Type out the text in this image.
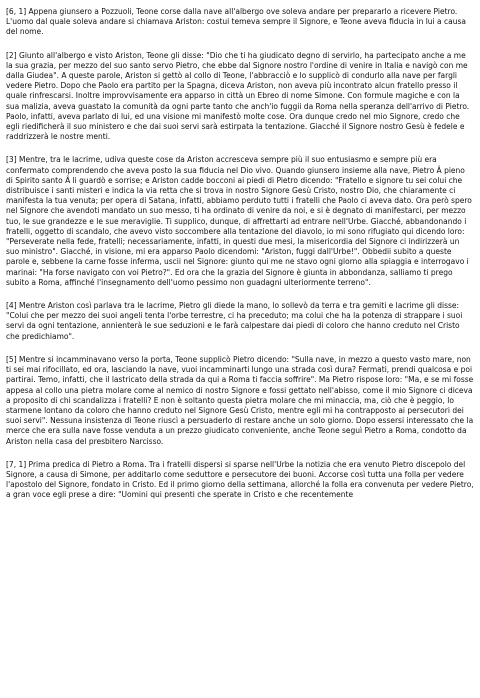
[6, 1] Appena giunsero a Pozzuoli, Teone corse dalla nave all'albergo ove soleva andare per prepararlo a ricevere Pietro. L'uomo dal quale soleva andare si chiamava Ariston: costui temeva sempre il Signore, e Teone aveva fiducia in lui a causa del nome.

[2] Giunto all'albergo e visto Ariston, Teone gli disse: "Dio che ti ha giudicato degno di servirlo, ha partecipato anche a me la sua grazia, per mezzo del suo santo servo Pietro, che ebbe dal Signore nostro l'ordine di venire in Italia e navigò con me dalla Giudea". A queste parole, Ariston si gettò al collo di Teone, l'abbracciò e lo supplicò di condurlo alla nave per fargli vedere Pietro. Dopo che Paolo era partito per la Spagna, diceva Ariston, non aveva più incontrato alcun fratello presso il quale rinfrescarsi. Inoltre improvvisamente era apparso in città un Ebreo di nome Simone. Con formule magiche e con la sua malizia, aveva guastato la comunità da ogni parte tanto che anch'io fuggii da Roma nella speranza dell'arrivo di Pietro. Paolo, infatti, aveva parlato di lui, ed una visione mi manifestò molte cose. Ora dunque credo nel mio Signore, credo che egli riedificherà il suo ministero e che dai suoi servi sarà estirpata la tentazione. Giacché il Signore nostro Gesù è fedele e raddrizzerà le nostre menti.

[3] Mentre, tra le lacrime, udiva queste cose da Ariston accresceva sempre più il suo entusiasmo e sempre più era confermato comprendendo che aveva posto la sua fiducia nel Dio vivo. Quando giunsero insieme alla nave, Pietro Â pieno di Spirito santo Â li guardò e sorrise; e Ariston cadde bocconi ai piedi di Pietro dicendo: "Fratello e signore tu sei colui che distribuisce i santi misteri e indica la via retta che si trova in nostro Signore Gesù Cristo, nostro Dio, che chiaramente ci manifesta la tua venuta; per opera di Satana, infatti, abbiamo perduto tutti i fratelli che Paolo ci aveva dato. Ora però spero nel Signore che avendoti mandato un suo messo, ti ha ordinato di venire da noi, e si è degnato di manifestarci, per mezzo tuo, le sue grandezze e le sue meraviglie. Ti supplico, dunque, di affrettarti ad entrare nell'Urbe. Giacché, abbandonando i fratelli, oggetto di scandalo, che avevo visto soccombere alla tentazione del diavolo, io mi sono rifugiato qui dicendo loro: "Perseverate nella fede, fratelli; necessariamente, infatti, in questi due mesi, la misericordia del Signore ci indirizzerà un suo ministro". Giacché, in visione, mi era apparso Paolo dicendomi: "Ariston, fuggi dall'Urbe!". Obbedii subito a queste parole e, sebbene la carne fosse inferma, uscii nel Signore: giunto qui me ne stavo ogni giorno alla spiaggia e interrogavo i marinai: "Ha forse navigato con voi Pietro?". Ed ora che la grazia del Signore è giunta in abbondanza, salliamo ti prego subito a Roma, affinché l'insegnamento dell'uomo pessimo non guadagni ulteriormente terreno".

[4] Mentre Ariston così parlava tra le lacrime, Pietro gli diede la mano, lo sollevò da terra e tra gemiti e lacrime gli disse: "Colui che per mezzo dei suoi angeli tenta l'orbe terrestre, ci ha preceduto; ma colui che ha la potenza di strappare i suoi servi da ogni tentazione, annienterà le sue seduzioni e le farà calpestare dai piedi di coloro che hanno creduto nel Cristo che predichiamo".

[5] Mentre si incamminavano verso la porta, Teone supplicò Pietro dicendo: "Sulla nave, in mezzo a questo vasto mare, non ti sei mai rifocillato, ed ora, lasciando la nave, vuoi incamminarti lungo una strada così dura? Fermati, prendi qualcosa e poi partirai. Temo, infatti, che il lastricato della strada da qui a Roma ti faccia soffrire". Ma Pietro rispose loro: "Ma, e se mi fosse appesa al collo una pietra molare come al nemico di nostro Signore e fossi gettato nell'abisso, come il mio Signore ci diceva a proposito di chi scandalizza i fratelli? E non è soltanto questa pietra molare che mi minaccia, ma, ciò che è peggio, lo starmene lontano da coloro che hanno creduto nel Signore Gesù Cristo, mentre egli mi ha contrapposto ai persecutori dei suoi servi". Nessuna insistenza di Teone riuscì a persuaderlo di restare anche un solo giorno. Dopo essersi interessato che la merce che era sulla nave fosse venduta a un prezzo giudicato conveniente, anche Teone seguì Pietro a Roma, condotto da Ariston nella casa del presbitero Narcisso.

[7, 1] Prima predica di Pietro a Roma. Tra i fratelli dispersi si sparse nell'Urbe la notizia che era venuto Pietro discepolo del Signore, a causa di Simone, per additarlo come seduttore e persecutore dei buoni. Accorse così tutta una folla per vedere l'apostolo del Signore, fondato in Cristo. Ed il primo giorno della settimana, allorché la folla era convenuta per vedere Pietro, a gran voce egli prese a dire: "Uomini qui presenti che sperate in Cristo e che recentemente
